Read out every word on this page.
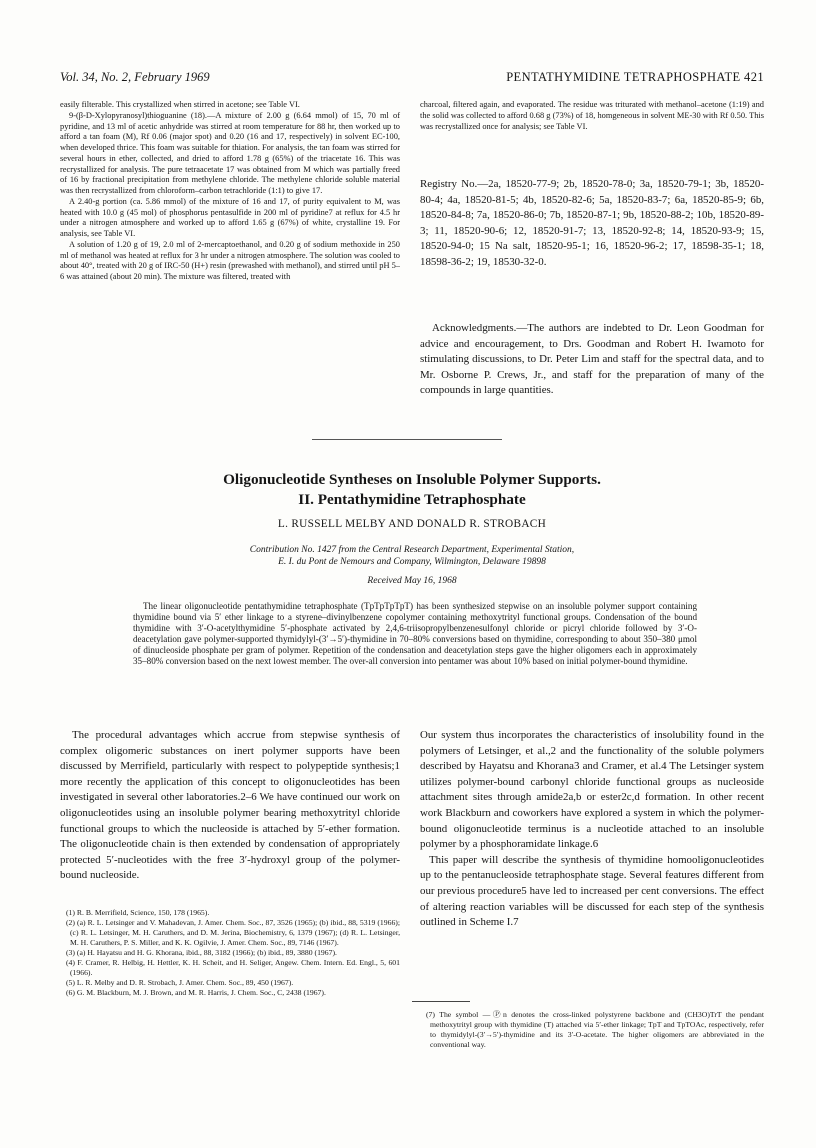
Vol. 34, No. 2, February 1969	PENTATHYMIDINE TETRAPHOSPHATE 421

easily filterable. This crystallized when stirred in acetone; see Table VI.

9-(β-D-Xylopyranosyl)thioguanine (18).—A mixture of 2.00 g (6.64 mmol) of 15, 70 ml of pyridine, and 13 ml of acetic anhydride was stirred at room temperature for 88 hr, then worked up to afford a tan foam (M), Rf 0.06 (major spot) and 0.20 (16 and 17, respectively) in solvent EC-100, when developed thrice. This foam was suitable for thiation. For analysis, the tan foam was stirred for several hours in ether, collected, and dried to afford 1.78 g (65%) of the triacetate 16. This was recrystallized for analysis. The pure tetraacetate 17 was obtained from M which was partially freed of 16 by fractional precipitation from methylene chloride. The methylene chloride soluble material was then recrystallized from chloroform–carbon tetrachloride (1:1) to give 17.

A 2.40-g portion (ca. 5.86 mmol) of the mixture of 16 and 17, of purity equivalent to M, was heated with 10.0 g (45 mol) of phosphorus pentasulfide in 200 ml of pyridine7 at reflux for 4.5 hr under a nitrogen atmosphere and worked up to afford 1.65 g (67%) of white, crystalline 19. For analysis, see Table VI.

A solution of 1.20 g of 19, 2.0 ml of 2-mercaptoethanol, and 0.20 g of sodium methoxide in 250 ml of methanol was heated at reflux for 3 hr under a nitrogen atmosphere. The solution was cooled to about 40°, treated with 20 g of IRC-50 (H+) resin (prewashed with methanol), and stirred until pH 5–6 was attained (about 20 min). The mixture was filtered, treated with

charcoal, filtered again, and evaporated. The residue was triturated with methanol–acetone (1:19) and the solid was collected to afford 0.68 g (73%) of 18, homgeneous in solvent ME-30 with Rf 0.50. This was recrystallized once for analysis; see Table VI.

Registry No.—2a, 18520-77-9; 2b, 18520-78-0; 3a, 18520-79-1; 3b, 18520-80-4; 4a, 18520-81-5; 4b, 18520-82-6; 5a, 18520-83-7; 6a, 18520-85-9; 6b, 18520-84-8; 7a, 18520-86-0; 7b, 18520-87-1; 9b, 18520-88-2; 10b, 18520-89-3; 11, 18520-90-6; 12, 18520-91-7; 13, 18520-92-8; 14, 18520-93-9; 15, 18520-94-0; 15 Na salt, 18520-95-1; 16, 18520-96-2; 17, 18598-35-1; 18, 18598-36-2; 19, 18530-32-0.
Acknowledgments.—The authors are indebted to Dr. Leon Goodman for advice and encouragement, to Drs. Goodman and Robert H. Iwamoto for stimulating discussions, to Dr. Peter Lim and staff for the spectral data, and to Mr. Osborne P. Crews, Jr., and staff for the preparation of many of the compounds in large quantities.
Oligonucleotide Syntheses on Insoluble Polymer Supports.
II. Pentathymidine Tetraphosphate
L. RUSSELL MELBY AND DONALD R. STROBACH
Contribution No. 1427 from the Central Research Department, Experimental Station,
E. I. du Pont de Nemours and Company, Wilmington, Delaware 19898
Received May 16, 1968
The linear oligonucleotide pentathymidine tetraphosphate (TpTpTpTpT) has been synthesized stepwise on an insoluble polymer support containing thymidine bound via 5′ ether linkage to a styrene–divinylbenzene copolymer containing methoxytrityl functional groups. Condensation of the bound thymidine with 3′-O-acetylthymidine 5′-phosphate activated by 2,4,6-triisopropylbenzenesulfonyl chloride or picryl chloride followed by 3′-O-deacetylation gave polymer-supported thymidylyl-(3′→5′)-thymidine in 70–80% conversions based on thymidine, corresponding to about 350–380 μmol of dinucleoside phosphate per gram of polymer. Repetition of the condensation and deacetylation steps gave the higher oligomers each in approximately 35–80% conversion based on the next lowest member. The over-all conversion into pentamer was about 10% based on initial polymer-bound thymidine.
The procedural advantages which accrue from stepwise synthesis of complex oligomeric substances on inert polymer supports have been discussed by Merrifield, particularly with respect to polypeptide synthesis;1 more recently the application of this concept to oligonucleotides has been investigated in several other laboratories.2–6 We have continued our work on oligonucleotides using an insoluble polymer bearing methoxytrityl chloride functional groups to which the nucleoside is attached by 5′-ether formation. The oligonucleotide chain is then extended by condensation of appropriately protected 5′-nucleotides with the free 3′-hydroxyl group of the polymer-bound nucleoside.

Our system thus incorporates the characteristics of insolubility found in the polymers of Letsinger, et al.,2 and the functionality of the soluble polymers described by Hayatsu and Khorana3 and Cramer, et al.4 The Letsinger system utilizes polymer-bound carbonyl chloride functional groups as nucleoside attachment sites through amide2a,b or ester2c,d formation. In other recent work Blackburn and coworkers have explored a system in which the polymer-bound oligonucleotide terminus is a nucleotide attached to an insoluble polymer by a phosphoramidate linkage.6

This paper will describe the synthesis of thymidine homooligonucleotides up to the pentanucleoside tetraphosphate stage. Several features different from our previous procedure5 have led to increased per cent conversions. The effect of altering reaction variables will be discussed for each step of the synthesis outlined in Scheme I.7

(1) R. B. Merrifield, Science, 150, 178 (1965).

(2) (a) R. L. Letsinger and V. Mahadevan, J. Amer. Chem. Soc., 87, 3526 (1965); (b) ibid., 88, 5319 (1966); (c) R. L. Letsinger, M. H. Caruthers, and D. M. Jerina, Biochemistry, 6, 1379 (1967); (d) R. L. Letsinger, M. H. Caruthers, P. S. Miller, and K. K. Ogilvie, J. Amer. Chem. Soc., 89, 7146 (1967).

(3) (a) H. Hayatsu and H. G. Khorana, ibid., 88, 3182 (1966); (b) ibid., 89, 3880 (1967).

(4) F. Cramer, R. Helbig, H. Hettler, K. H. Scheit, and H. Seliger, Angew. Chem. Intern. Ed. Engl., 5, 601 (1966).

(5) L. R. Melby and D. R. Strobach, J. Amer. Chem. Soc., 89, 450 (1967).

(6) G. M. Blackburn, M. J. Brown, and M. R. Harris, J. Chem. Soc., C, 2438 (1967).

(7) The symbol —Ⓟn denotes the cross-linked polystyrene backbone and (CH3O)TrT the pendant methoxytrityl group with thymidine (T) attached via 5′-ether linkage; TpT and TpTOAc, respectively, refer to thymidylyl-(3′→5′)-thymidine and its 3′-O-acetate. The higher oligomers are abbreviated in the conventional way.
